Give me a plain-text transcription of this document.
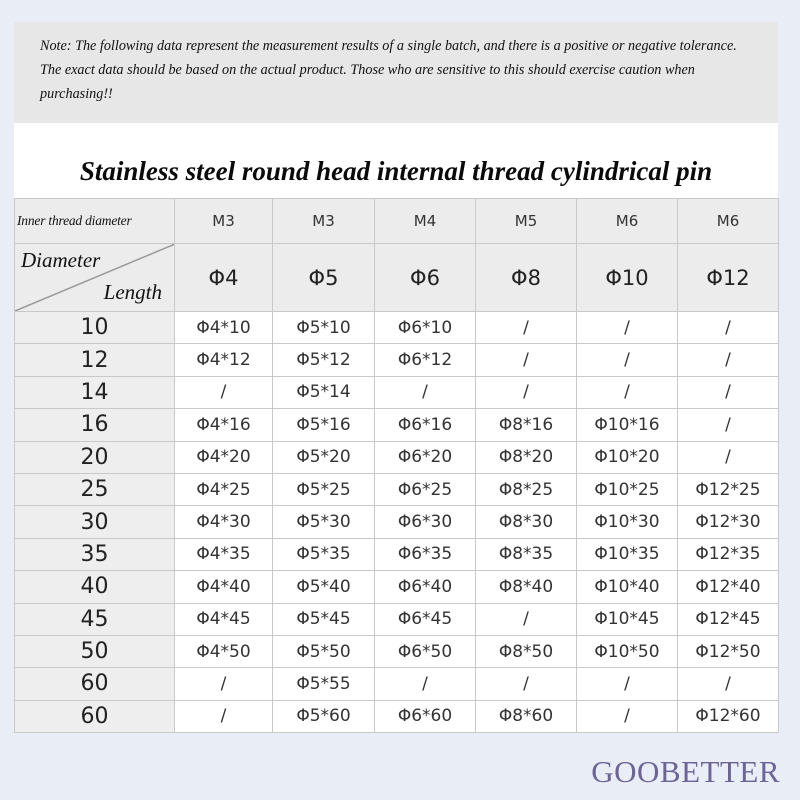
Note: The following data represent the measurement results of a single batch, and there is a positive or negative tolerance. The exact data should be based on the actual product. Those who are sensitive to this should exercise caution when purchasing!!
Stainless steel round head internal thread cylindrical pin
Inner thread diameter	M3	M3	M4	M5	M6	M6

Diameter
Length	Φ4	Φ5	Φ6	Φ8	Φ10	Φ12
10	Φ4*10	Φ5*10	Φ6*10	/	/	/
12	Φ4*12	Φ5*12	Φ6*12	/	/	/
14	/	Φ5*14	/	/	/	/
16	Φ4*16	Φ5*16	Φ6*16	Φ8*16	Φ10*16	/
20	Φ4*20	Φ5*20	Φ6*20	Φ8*20	Φ10*20	/
25	Φ4*25	Φ5*25	Φ6*25	Φ8*25	Φ10*25	Φ12*25
30	Φ4*30	Φ5*30	Φ6*30	Φ8*30	Φ10*30	Φ12*30
35	Φ4*35	Φ5*35	Φ6*35	Φ8*35	Φ10*35	Φ12*35
40	Φ4*40	Φ5*40	Φ6*40	Φ8*40	Φ10*40	Φ12*40
45	Φ4*45	Φ5*45	Φ6*45	/	Φ10*45	Φ12*45
50	Φ4*50	Φ5*50	Φ6*50	Φ8*50	Φ10*50	Φ12*50
60	/	Φ5*55	/	/	/	/
60	/	Φ5*60	Φ6*60	Φ8*60	/	Φ12*60
GOOBETTER
